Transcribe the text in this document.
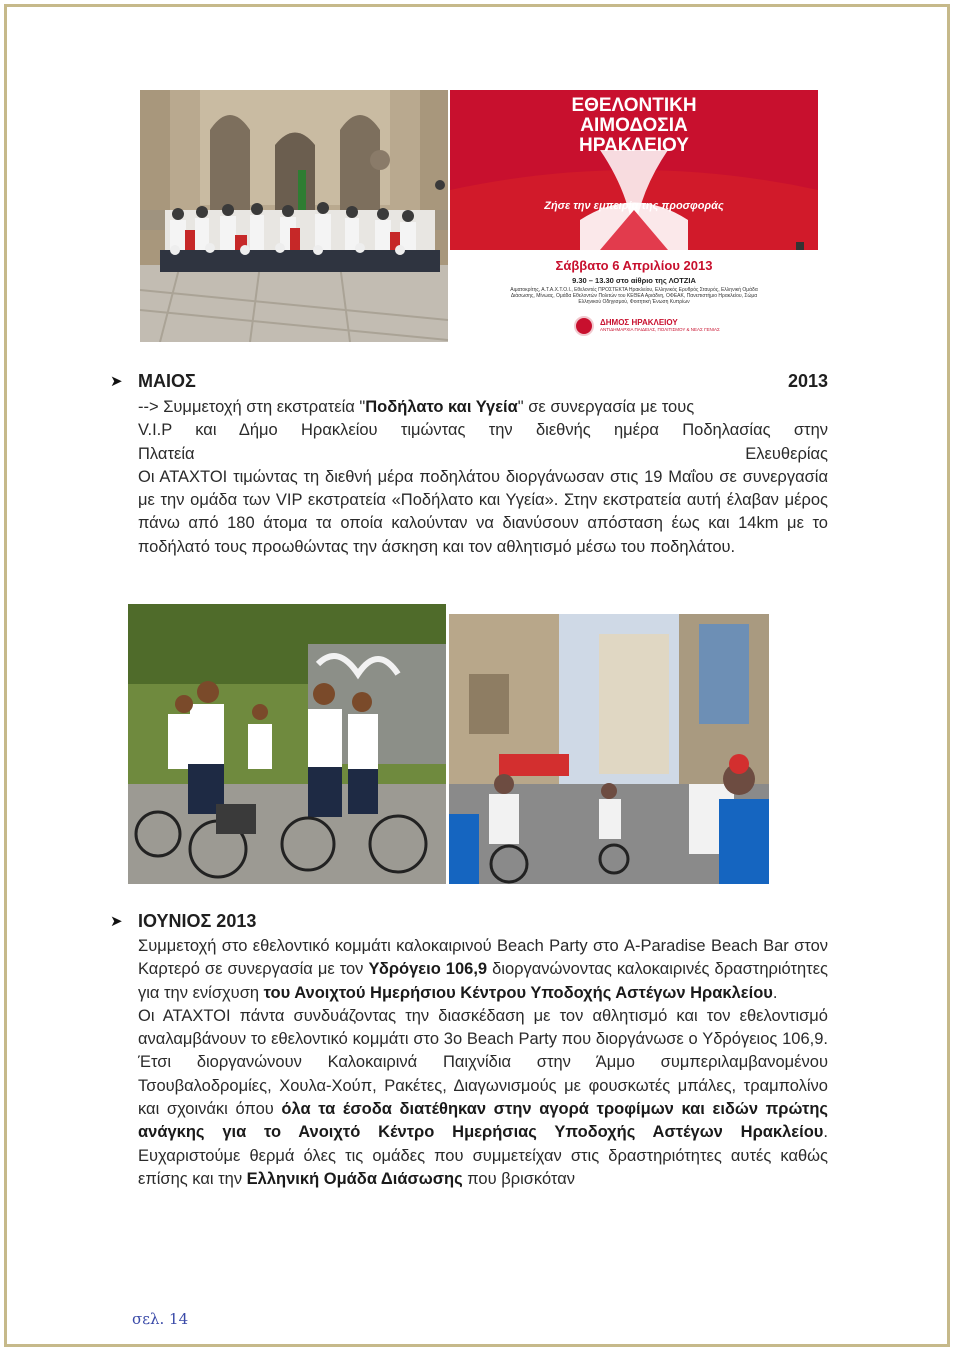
ΕΘΕΛΟΝΤΙΚΗ
ΑΙΜΟΔΟΣΙΑ
ΗΡΑΚΛΕΙΟΥ
Ζήσε την εμπειρία της προσφοράς
Σάββατο 6 Απριλίου 2013
9.30 – 13.30 στο αίθριο της ΛΟΤΖΙΑ
Αιματοκρίτης, Α.Τ.Α.Χ.Τ.Ο.Ι., Εθελοντές ΠΡΟΣΤΕΚΤΑ Ηρακλείου, Ελληνικός Ερυθρός Σταυρός, Ελληνική Ομάδα Διάσωσης, Μίνωας, Ομάδα Εθελοντών Πολιτών του ΚΕΘΕΑ Αριάδνη, ΟΦΕΑΚ, Πανεπιστήμιο Ηρακλείου, Σώμα Ελληνικού Οδηγισμού, Φοιτητική Ένωση Κυπρίων
ΔΗΜΟΣ ΗΡΑΚΛΕΙΟΥ
ΑΝΤΙΔΗΜΑΡΧΙΑ ΠΑΙΔΕΙΑΣ, ΠΟΛΙΤΙΣΜΟΥ & ΝΕΑΣ ΓΕΝΙΑΣ
➤ ΜΑΙΟΣ	2013
--> Συμμετοχή στη εκστρατεία "Ποδήλατο και Υγεία" σε συνεργασία με τους
V.I.P και Δήμο Ηρακλείου τιμώντας την διεθνής ημέρα Ποδηλασίας στην
Πλατεία Ελευθερίας
Οι ΑΤΑΧΤΟΙ τιμώντας τη διεθνή μέρα ποδηλάτου διοργάνωσαν στις 19 Μαΐου σε συνεργασία με την ομάδα των VIP εκστρατεία «Ποδήλατο και Υγεία». Στην εκστρατεία αυτή έλαβαν μέρος πάνω από 180 άτομα τα οποία καλούνταν να διανύσουν απόσταση έως και 14km με το ποδήλατό τους προωθώντας την άσκηση και τον αθλητισμό μέσω του ποδηλάτου.
➤ ΙΟΥΝΙΟΣ 2013
Συμμετοχή στο εθελοντικό κομμάτι καλοκαιρινού Beach Party στο A-Paradise Beach Bar στον Καρτερό σε συνεργασία με τον Υδρόγειο 106,9 διοργανώνοντας καλοκαιρινές δραστηριότητες για την ενίσχυση του Ανοιχτού Ημερήσιου Κέντρου Υποδοχής Αστέγων Ηρακλείου.
Οι ΑΤΑΧΤΟΙ πάντα συνδυάζοντας την διασκέδαση με τον αθλητισμό και τον εθελοντισμό αναλαμβάνουν το εθελοντικό κομμάτι στο 3ο Beach Party που διοργάνωσε ο Υδρόγειος 106,9. Έτσι διοργανώνουν Καλοκαιρινά Παιχνίδια στην Άμμο συμπεριλαμβανομένου Τσουβαλοδρομίες, Χουλα-Χούπ, Ρακέτες, Διαγωνισμούς με φουσκωτές μπάλες, τραμπολίνο και σχοινάκι όπου όλα τα έσοδα διατέθηκαν στην αγορά τροφίμων και ειδών πρώτης ανάγκης για το Ανοιχτό Κέντρο Ημερήσιας Υποδοχής Αστέγων Ηρακλείου. Ευχαριστούμε θερμά όλες τις ομάδες που συμμετείχαν στις δραστηριότητες αυτές καθώς επίσης και την Ελληνική Ομάδα Διάσωσης που βρισκόταν
σελ. 14
